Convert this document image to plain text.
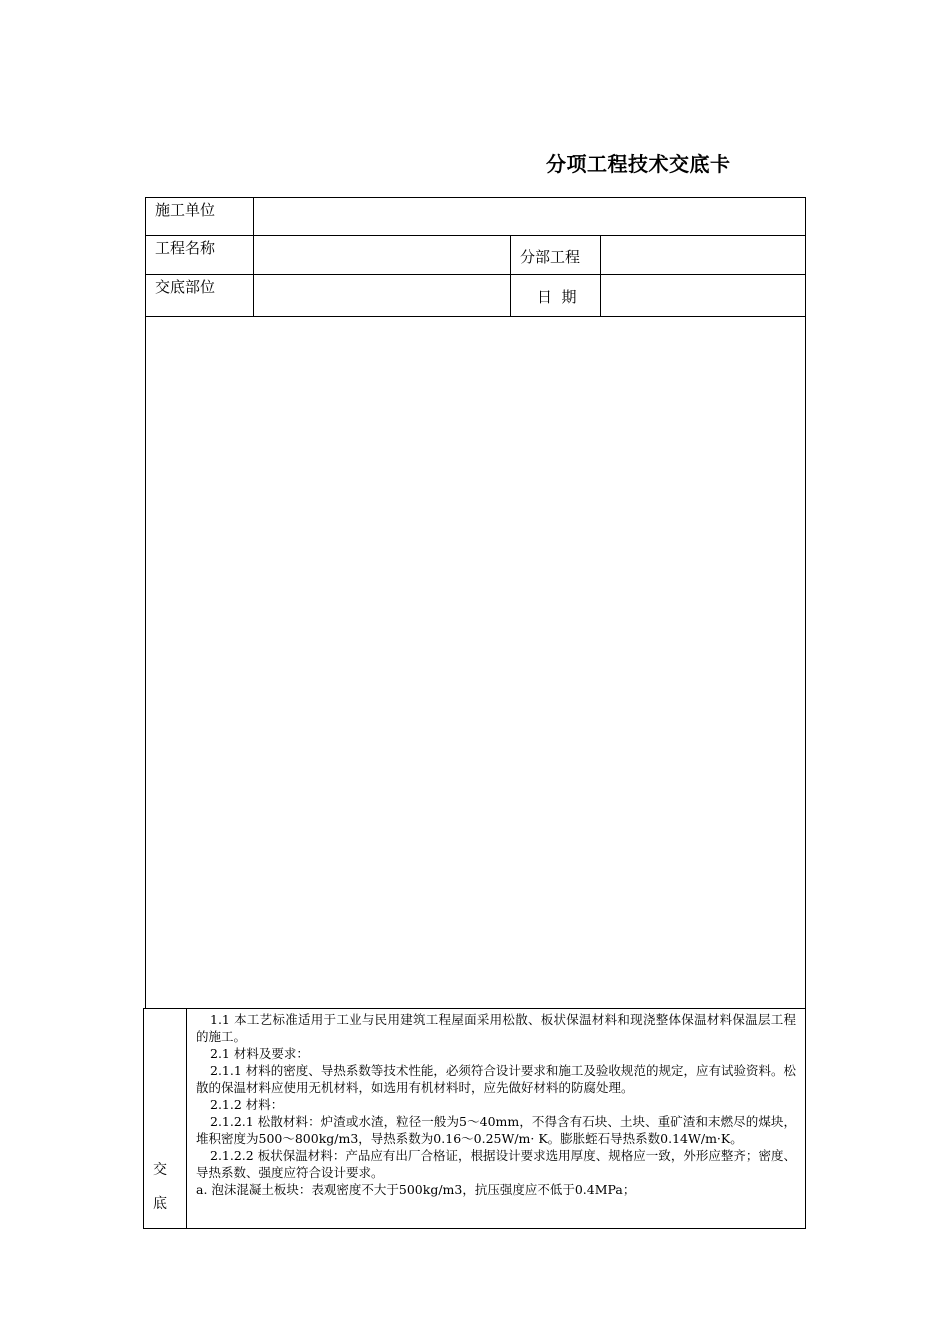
分项工程技术交底卡
施工单位
工程名称	分部工程
交底部位
日  期
交
底

1.1 本工艺标准适用于工业与民用建筑工程屋面采用松散、板状保温材料和现浇整体保温材料保温层工程的施工。

2.1 材料及要求：

2.1.1 材料的密度、导热系数等技术性能，必须符合设计要求和施工及验收规范的规定，应有试验资料。松散的保温材料应使用无机材料，如选用有机材料时，应先做好材料的防腐处理。

2.1.2 材料：

2.1.2.1 松散材料：炉渣或水渣，粒径一般为5～40mm，不得含有石块、土块、重矿渣和末燃尽的煤块，堆积密度为500～800kg/m3，导热系数为0.16～0.25W/m· K。膨胀蛭石导热系数0.14W/m·K。

2.1.2.2 板状保温材料：产品应有出厂合格证，根据设计要求选用厚度、规格应一致，外形应整齐；密度、导热系数、强度应符合设计要求。

a. 泡沫混凝土板块：表观密度不大于500kg/m3，抗压强度应不低于0.4MPa；
